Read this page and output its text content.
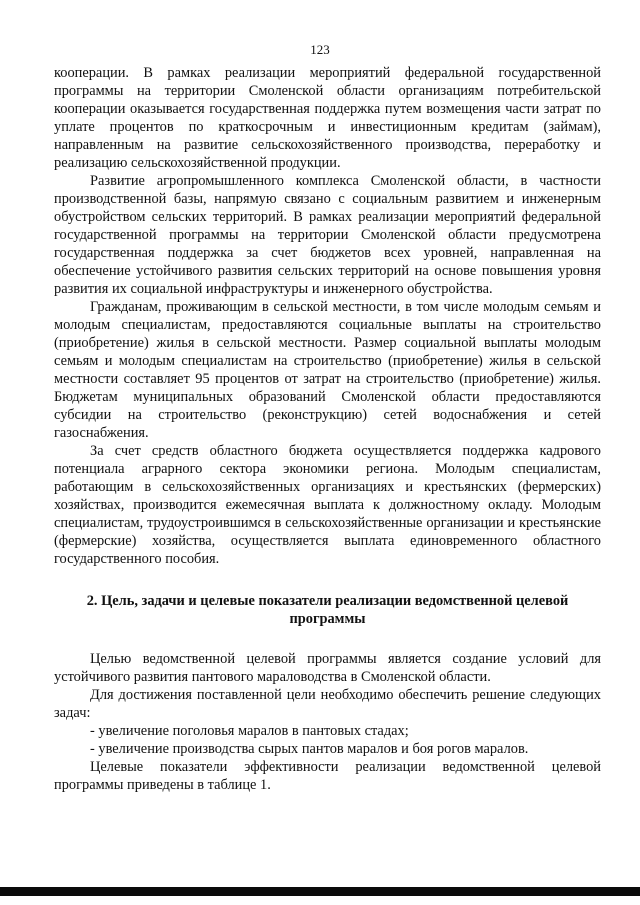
123

кооперации. В рамках реализации мероприятий федеральной государственной программы на территории Смоленской области организациям потребительской кооперации оказывается государственная поддержка путем возмещения части затрат по уплате процентов по краткосрочным и инвестиционным кредитам (займам), направленным на развитие сельскохозяйственного производства, переработку и реализацию сельскохозяйственной продукции.

Развитие агропромышленного комплекса Смоленской области, в частности производственной базы, напрямую связано с социальным развитием и инженерным обустройством сельских территорий. В рамках реализации мероприятий федеральной государственной программы на территории Смоленской области предусмотрена государственная поддержка за счет бюджетов всех уровней, направленная на обеспечение устойчивого развития сельских территорий на основе повышения уровня развития их социальной инфраструктуры и инженерного обустройства.

Гражданам, проживающим в сельской местности, в том числе молодым семьям и молодым специалистам, предоставляются социальные выплаты на строительство (приобретение) жилья в сельской местности. Размер социальной выплаты молодым семьям и молодым специалистам на строительство (приобретение) жилья в сельской местности составляет 95 процентов от затрат на строительство (приобретение) жилья. Бюджетам муниципальных образований Смоленской области предоставляются субсидии на строительство (реконструкцию) сетей водоснабжения и сетей газоснабжения.

За счет средств областного бюджета осуществляется поддержка кадрового потенциала аграрного сектора экономики региона. Молодым специалистам, работающим в сельскохозяйственных организациях и крестьянских (фермерских) хозяйствах, производится ежемесячная выплата к должностному окладу. Молодым специалистам, трудоустроившимся в сельскохозяйственные организации и крестьянские (фермерские) хозяйства, осуществляется выплата единовременного областного государственного пособия.

2. Цель, задачи и целевые показатели реализации ведомственной целевой программы

Целью ведомственной целевой программы является создание условий для устойчивого развития пантового мараловодства в Смоленской области.

Для достижения поставленной цели необходимо обеспечить решение следующих задач:

- увеличение поголовья маралов в пантовых стадах;

- увеличение производства сырых пантов маралов и боя рогов маралов.

Целевые показатели эффективности реализации ведомственной целевой программы приведены в таблице 1.
